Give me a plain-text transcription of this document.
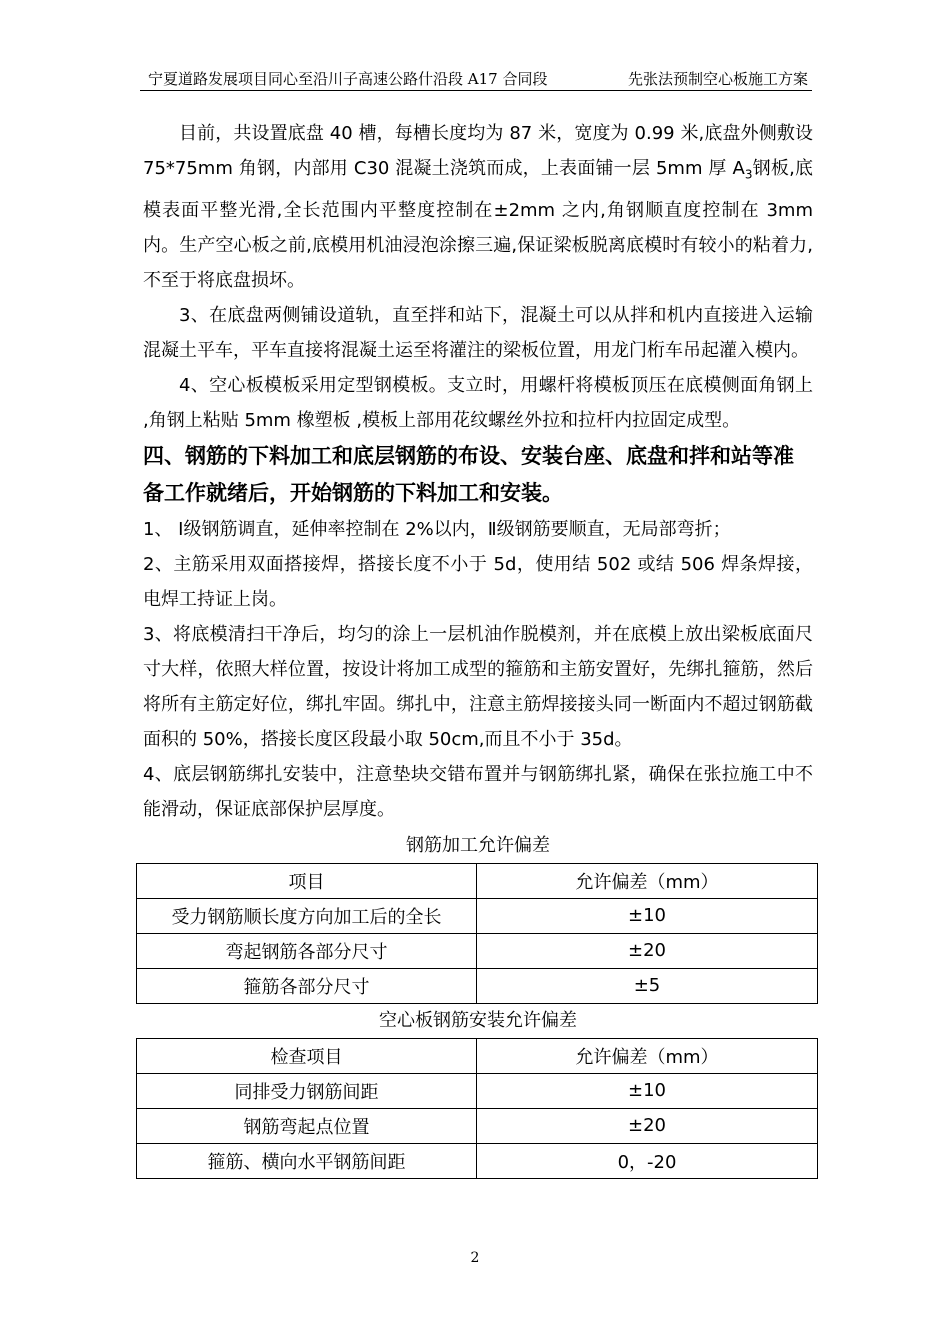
宁夏道路发展项目同心至沿川子高速公路什沿段 A17 合同段	先张法预制空心板施工方案

目前，共设置底盘 40 槽，每槽长度均为 87 米，宽度为 0.99 米,底盘外侧敷设 75*75mm 角钢，内部用 C30 混凝土浇筑而成，上表面铺一层 5mm 厚 $A_3$钢板,底模表面平整光滑,全长范围内平整度控制在±2mm 之内,角钢顺直度控制在 3mm 内。生产空心板之前,底模用机油浸泡涂擦三遍,保证梁板脱离底模时有较小的粘着力,不至于将底盘损坏。

3、在底盘两侧铺设道轨，直至拌和站下，混凝土可以从拌和机内直接进入运输混凝土平车，平车直接将混凝土运至将灌注的梁板位置，用龙门桁车吊起灌入模内。

4、空心板模板采用定型钢模板。支立时，用螺杆将模板顶压在底模侧面角钢上 ,角钢上粘贴 5mm 橡塑板 ,模板上部用花纹螺丝外拉和拉杆内拉固定成型。

四、钢筋的下料加工和底层钢筋的布设、安装台座、底盘和拌和站等准备工作就绪后，开始钢筋的下料加工和安装。

1、 Ⅰ级钢筋调直，延伸率控制在 2%以内，Ⅱ级钢筋要顺直，无局部弯折；

2、主筋采用双面搭接焊，搭接长度不小于 5d，使用结 502 或结 506 焊条焊接，电焊工持证上岗。

3、将底模清扫干净后，均匀的涂上一层机油作脱模剂，并在底模上放出梁板底面尺寸大样，依照大样位置，按设计将加工成型的箍筋和主筋安置好，先绑扎箍筋，然后将所有主筋定好位，绑扎牢固。绑扎中，注意主筋焊接接头同一断面内不超过钢筋截面积的 50%，搭接长度区段最小取 50cm,而且不小于 35d。

4、底层钢筋绑扎安装中，注意垫块交错布置并与钢筋绑扎紧，确保在张拉施工中不能滑动，保证底部保护层厚度。

钢筋加工允许偏差

项目	允许偏差（mm）
受力钢筋顺长度方向加工后的全长	±10
弯起钢筋各部分尺寸	±20
箍筋各部分尺寸	±5

空心板钢筋安装允许偏差

检查项目	允许偏差（mm）
同排受力钢筋间距	±10
钢筋弯起点位置	±20
箍筋、横向水平钢筋间距	0，-20
2
